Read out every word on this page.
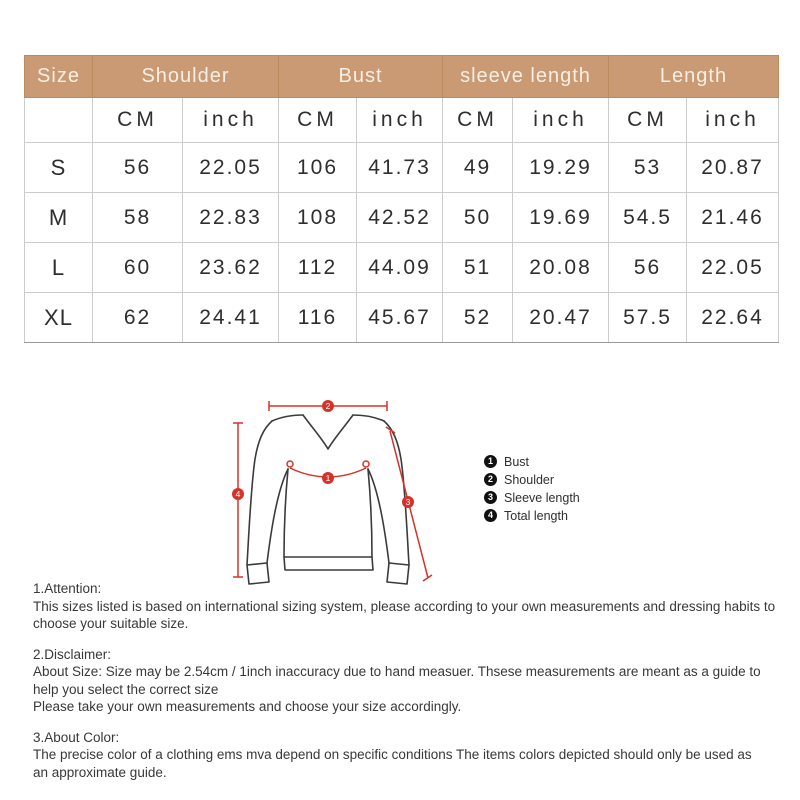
Size	Shoulder		Bust		sleeve length		Length	
	CM	inch	CM	inch	CM	inch	CM	inch
S	56	22.05	106	41.73	49	19.29	53	20.87
M	58	22.83	108	42.52	50	19.69	54.5	21.46
L	60	23.62	112	44.09	51	20.08	56	22.05
XL	62	24.41	116	45.67	52	20.47	57.5	22.64
2
4
1
3
1 Bust
2 Shoulder
3 Sleeve length
4 Total length

1.Attention:

This sizes listed is based on international sizing system, please according to your own measurements and dressing habits to choose your suitable size.

2.Disclaimer:

About Size: Size may be 2.54cm / 1inch inaccuracy due to hand measuer. Thsese measurements are meant as a guide to help you select the correct size

Please take your own measurements and choose your size accordingly.

3.About Color:

The precise color of a clothing ems mva depend on specific conditions The items colors depicted should only be used as

an approximate guide.
